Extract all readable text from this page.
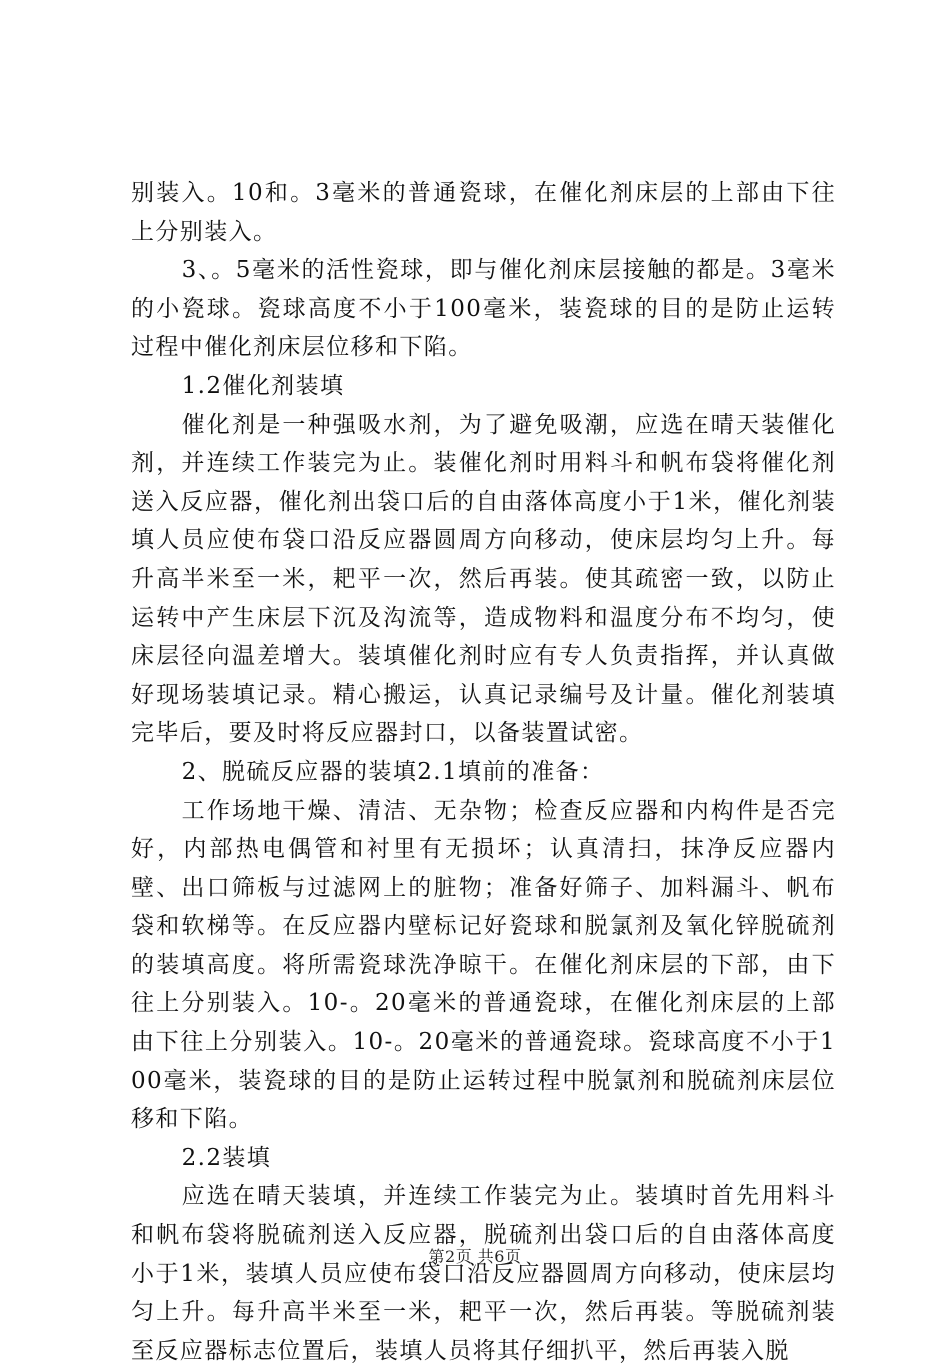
别装入。10和。3毫米的普通瓷球，在催化剂床层的上部由下往上分别装入。

3、。5毫米的活性瓷球，即与催化剂床层接触的都是。3毫米的小瓷球。瓷球高度不小于100毫米，装瓷球的目的是防止运转过程中催化剂床层位移和下陷。

1.2催化剂装填

催化剂是一种强吸水剂，为了避免吸潮，应选在晴天装催化剂，并连续工作装完为止。装催化剂时用料斗和帆布袋将催化剂送入反应器，催化剂出袋口后的自由落体高度小于1米，催化剂装填人员应使布袋口沿反应器圆周方向移动，使床层均匀上升。每升高半米至一米，耙平一次，然后再装。使其疏密一致，以防止运转中产生床层下沉及沟流等，造成物料和温度分布不均匀，使床层径向温差增大。装填催化剂时应有专人负责指挥，并认真做好现场装填记录。精心搬运，认真记录编号及计量。催化剂装填完毕后，要及时将反应器封口，以备装置试密。

2、脱硫反应器的装填2.1填前的准备：

工作场地干燥、清洁、无杂物；检查反应器和内构件是否完好，内部热电偶管和衬里有无损坏；认真清扫，抹净反应器内壁、出口筛板与过滤网上的脏物；准备好筛子、加料漏斗、帆布袋和软梯等。在反应器内壁标记好瓷球和脱氯剂及氧化锌脱硫剂的装填高度。将所需瓷球洗净晾干。在催化剂床层的下部，由下往上分别装入。10-。20毫米的普通瓷球，在催化剂床层的上部由下往上分别装入。10-。20毫米的普通瓷球。瓷球高度不小于100毫米，装瓷球的目的是防止运转过程中脱氯剂和脱硫剂床层位移和下陷。

2.2装填

应选在晴天装填，并连续工作装完为止。装填时首先用料斗和帆布袋将脱硫剂送入反应器，脱硫剂出袋口后的自由落体高度小于1米，装填人员应使布袋口沿反应器圆周方向移动，使床层均匀上升。每升高半米至一米，耙平一次，然后再装。等脱硫剂装至反应器标志位置后，装填人员将其仔细扒平，然后再装入脱

第2页 共6页
